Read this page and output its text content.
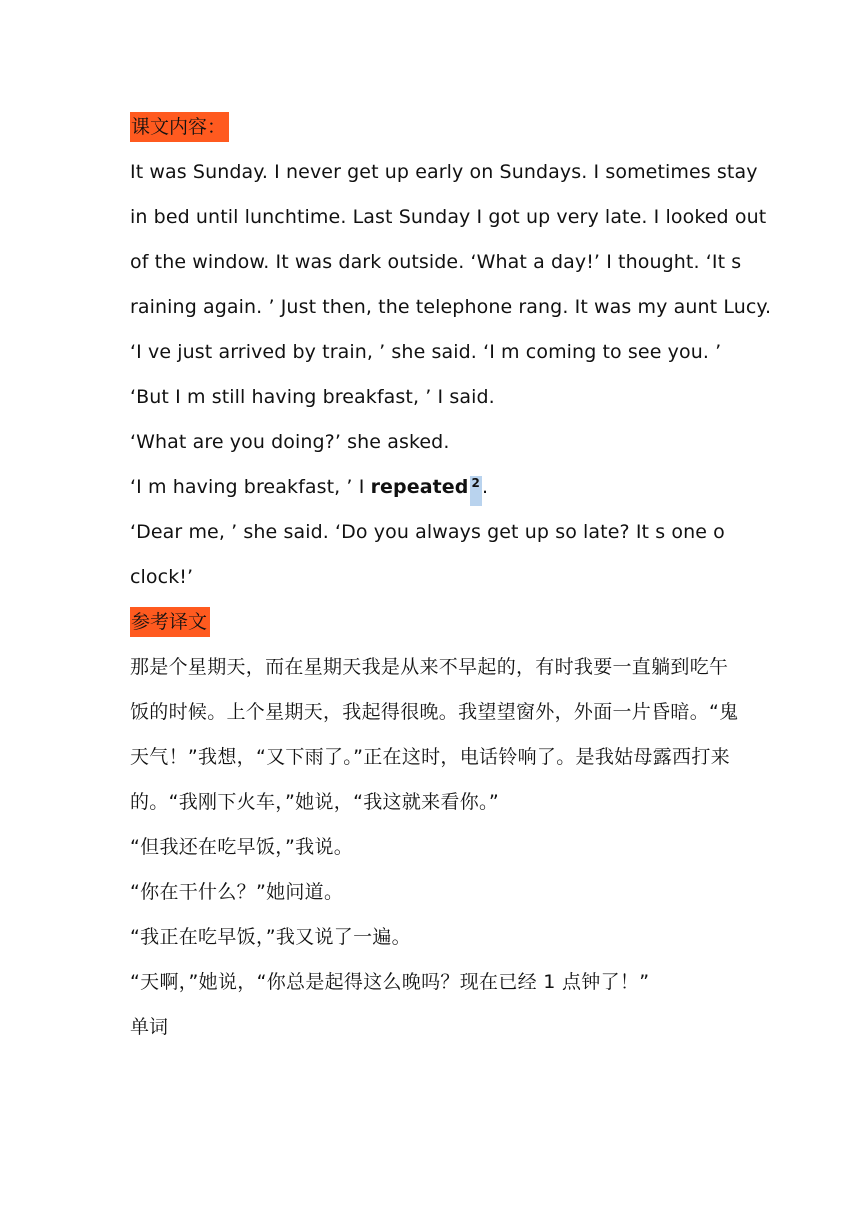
课文内容：
It was Sunday. I never get up early on Sundays. I sometimes stay
in bed until lunchtime. Last Sunday I got up very late. I looked out
of the window. It was dark outside. ‘What a day!’ I thought. ‘It s
raining again. ’ Just then, the telephone rang. It was my aunt Lucy.
‘I ve just arrived by train, ’ she said. ‘I m coming to see you. ’
‘But I m still having breakfast, ’ I said.
‘What are you doing?’ she asked.
‘I m having breakfast, ’ I repeated 2 .
‘Dear me, ’ she said. ‘Do you always get up so late? It s one o
clock!’
参考译文
那是个星期天，而在星期天我是从来不早起的，有时我要一直躺到吃午
饭的时候。上个星期天，我起得很晚。我望望窗外，外面一片昏暗。“鬼
天气！”我想，“又下雨了。”正在这时，电话铃响了。是我姑母露西打来
的。“我刚下火车，”她说，“我这就来看你。”
“但我还在吃早饭，”我说。
“你在干什么？”她问道。
“我正在吃早饭，”我又说了一遍。
“天啊，”她说，“你总是起得这么晚吗？现在已经 1 点钟了！”
单词
